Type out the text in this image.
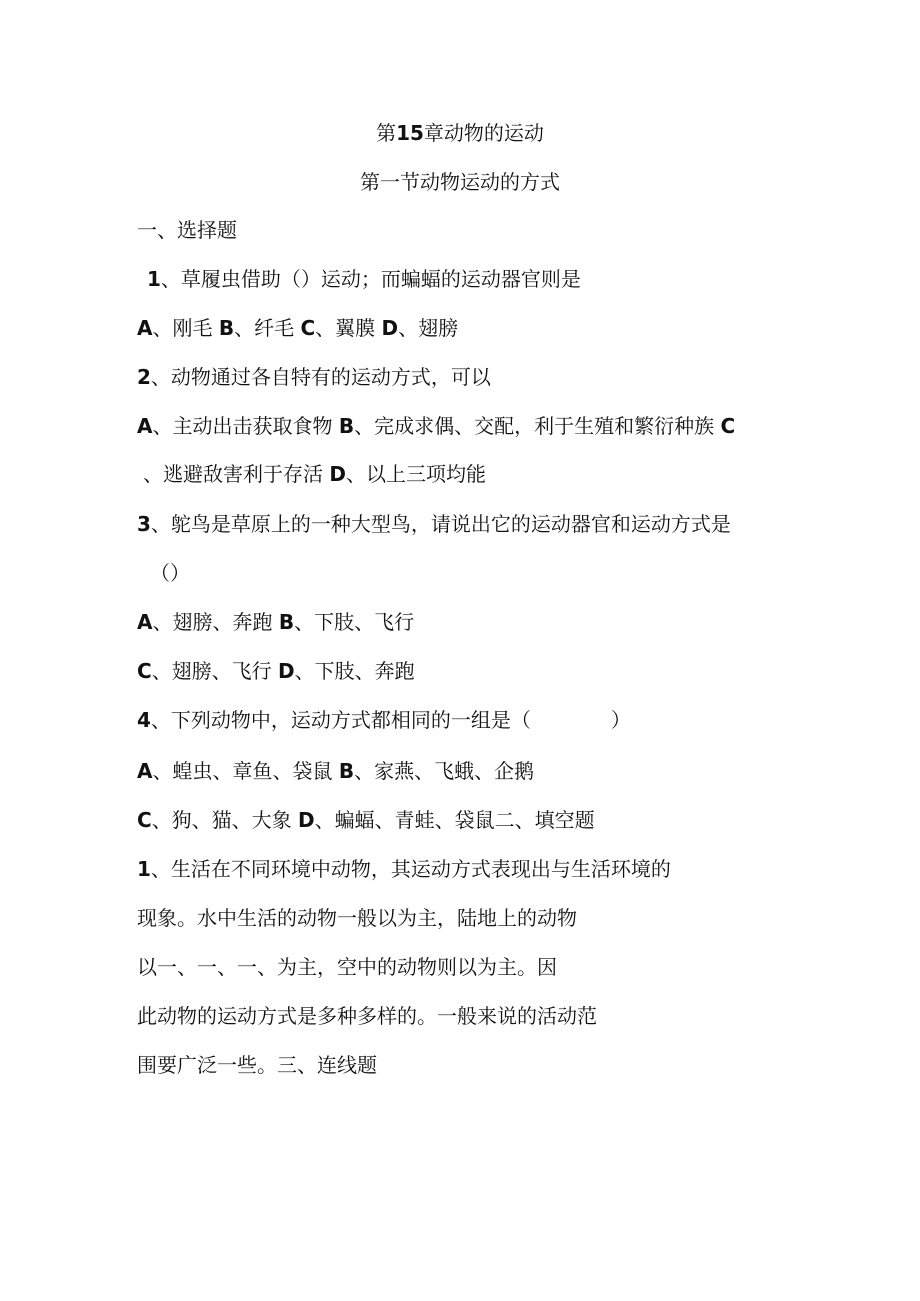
第15章动物的运动
第一节动物运动的方式
一、选择题
1、草履虫借助（）运动；而蝙蝠的运动器官则是
A、刚毛 B、纤毛 C、翼膜 D、翅膀
2、动物通过各自特有的运动方式，可以
A、主动出击获取食物 B、完成求偶、交配，利于生殖和繁衍种族 C
、逃避敌害利于存活 D、以上三项均能
3、鸵鸟是草原上的一种大型鸟，请说出它的运动器官和运动方式是
（）
A、翅膀、奔跑 B、下肢、飞行
C、翅膀、飞行 D、下肢、奔跑
4、下列动物中，运动方式都相同的一组是（　　　　）
A、蝗虫、章鱼、袋鼠 B、家燕、飞蛾、企鹅
C、狗、猫、大象 D、蝙蝠、青蛙、袋鼠二、填空题
1、生活在不同环境中动物，其运动方式表现出与生活环境的
现象。水中生活的动物一般以为主，陆地上的动物
以一、一、一、为主，空中的动物则以为主。因
此动物的运动方式是多种多样的。一般来说的活动范
围要广泛一些。三、连线题
